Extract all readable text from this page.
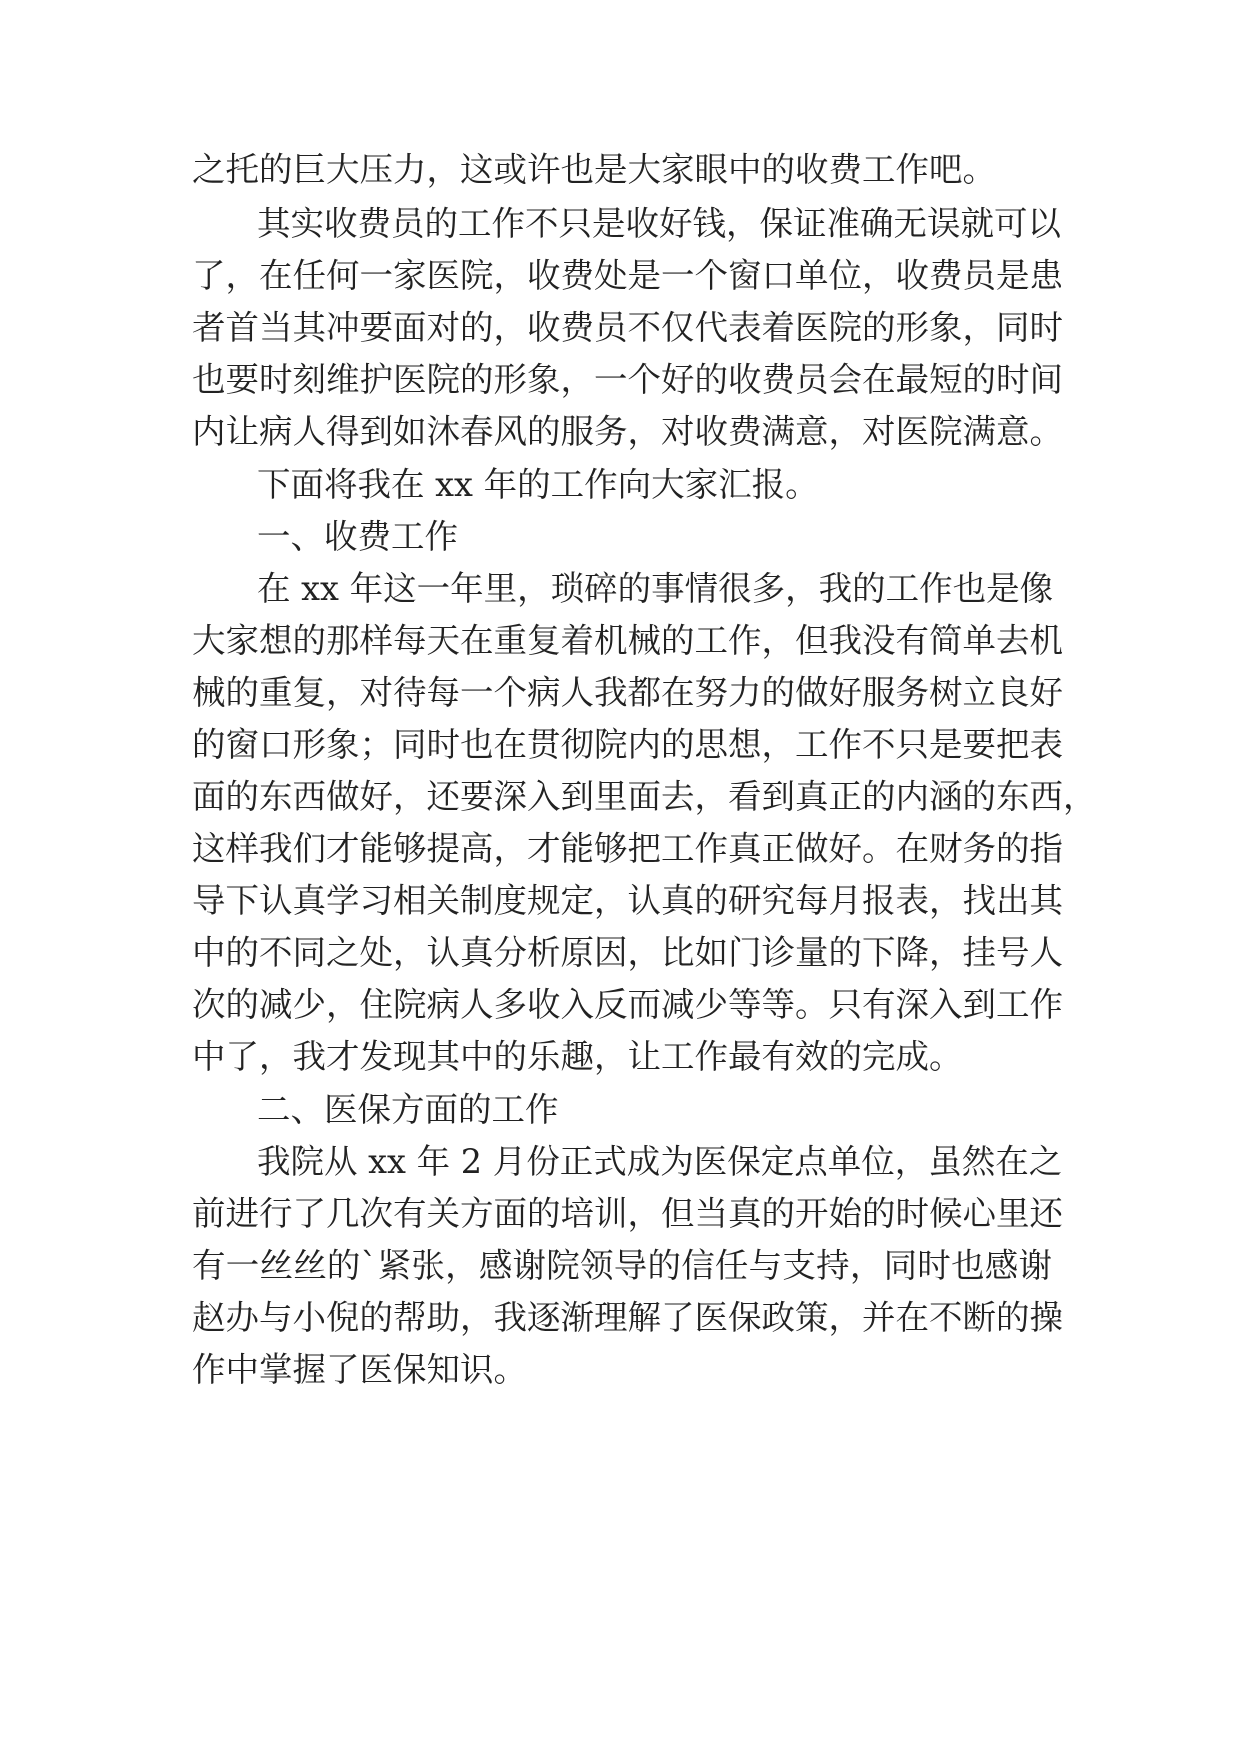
之托的巨大压力，这或许也是大家眼中的收费工作吧。
其实收费员的工作不只是收好钱，保证准确无误就可以
了，在任何一家医院，收费处是一个窗口单位，收费员是患
者首当其冲要面对的，收费员不仅代表着医院的形象，同时
也要时刻维护医院的形象，一个好的收费员会在最短的时间
内让病人得到如沐春风的服务，对收费满意，对医院满意。
下面将我在 xx 年的工作向大家汇报。
一、收费工作
在 xx 年这一年里，琐碎的事情很多，我的工作也是像
大家想的那样每天在重复着机械的工作，但我没有简单去机
械的重复，对待每一个病人我都在努力的做好服务树立良好
的窗口形象；同时也在贯彻院内的思想，工作不只是要把表
面的东西做好，还要深入到里面去，看到真正的内涵的东西，
这样我们才能够提高，才能够把工作真正做好。在财务的指
导下认真学习相关制度规定，认真的研究每月报表，找出其
中的不同之处，认真分析原因，比如门诊量的下降，挂号人
次的减少，住院病人多收入反而减少等等。只有深入到工作
中了，我才发现其中的乐趣，让工作最有效的完成。
二、医保方面的工作
我院从 xx 年 2 月份正式成为医保定点单位，虽然在之
前进行了几次有关方面的培训，但当真的开始的时候心里还
有一丝丝的`紧张，感谢院领导的信任与支持，同时也感谢
赵办与小倪的帮助，我逐渐理解了医保政策，并在不断的操
作中掌握了医保知识。
